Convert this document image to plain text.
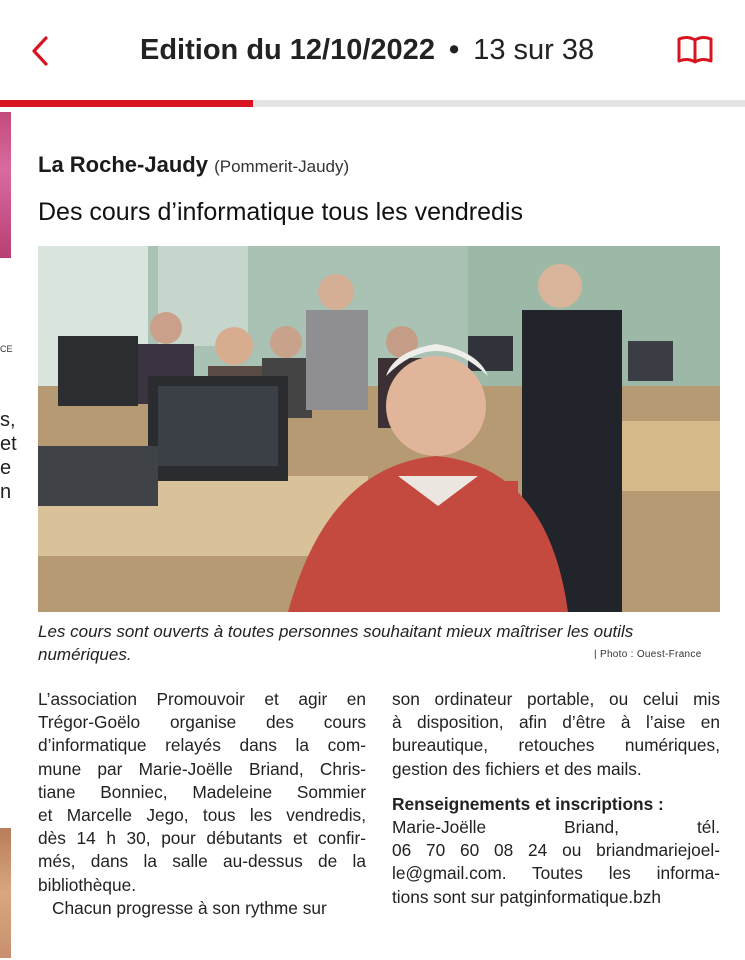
Edition du 12/10/2022 • 13 sur 38
CE
s,
et
e
n
La Roche-Jaudy (Pommerit-Jaudy)
Des cours d’informatique tous les vendredis
Les cours sont ouverts à toutes personnes souhaitant mieux maîtriser les outils numériques.	| Photo : Ouest-France
L’association Promouvoir et agir en
Trégor-Goëlo organise des cours
d’informatique relayés dans la com-
mune par Marie-Joëlle Briand, Chris-
tiane Bonniec, Madeleine Sommier
et Marcelle Jego, tous les vendredis,
dès 14 h 30, pour débutants et confir-
més, dans la salle au-dessus de la
bibliothèque.
Chacun progresse à son rythme sur
son ordinateur portable, ou celui mis
à disposition, afin d’être à l’aise en
bureautique, retouches numériques,
gestion des fichiers et des mails.
Renseignements et inscriptions :
Marie-Joëlle Briand, tél.
06 70 60 08 24 ou briandmariejoel-
le@gmail.com. Toutes les informa-
tions sont sur patginformatique.bzh
